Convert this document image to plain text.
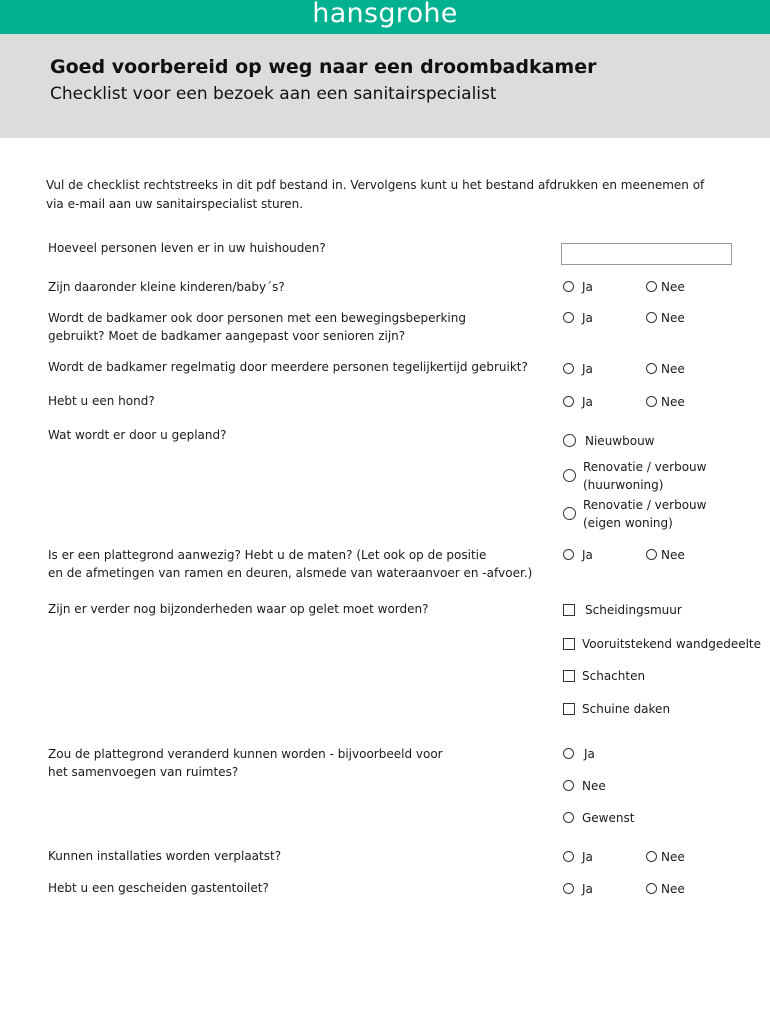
hansgrohe
Goed voorbereid op weg naar een droombadkamer
Checklist voor een bezoek aan een sanitairspecialist
Vul de checklist rechtstreeks in dit pdf bestand in. Vervolgens kunt u het bestand afdrukken en meenemen of
via e-mail aan uw sanitairspecialist sturen.
Hoeveel personen leven er in uw huishouden?
Zijn daaronder kleine kinderen/baby´s?	Ja	Nee
Wordt de badkamer ook door personen met een bewegingsbeperking
gebruikt? Moet de badkamer aangepast voor senioren zijn?
Ja	Nee
Wordt de badkamer regelmatig door meerdere personen tegelijkertijd gebruikt?	Ja	Nee
Hebt u een hond?	Ja	Nee
Wat wordt er door u gepland?	Nieuwbouw
Renovatie / verbouw (huurwoning)
Renovatie / verbouw (eigen woning)
Is er een plattegrond aanwezig? Hebt u de maten? (Let ook op de positie
en de afmetingen van ramen en deuren, alsmede van wateraanvoer en -afvoer.)
Ja	Nee
Zijn er verder nog bijzonderheden waar op gelet moet worden?	Scheidingsmuur
Vooruitstekend wandgedeelte
Schachten
Schuine daken
Zou de plattegrond veranderd kunnen worden - bijvoorbeeld voor
het samenvoegen van ruimtes?
Ja
Nee
Gewenst
Kunnen installaties worden verplaatst?	Ja	Nee
Hebt u een gescheiden gastentoilet?	Ja	Nee
